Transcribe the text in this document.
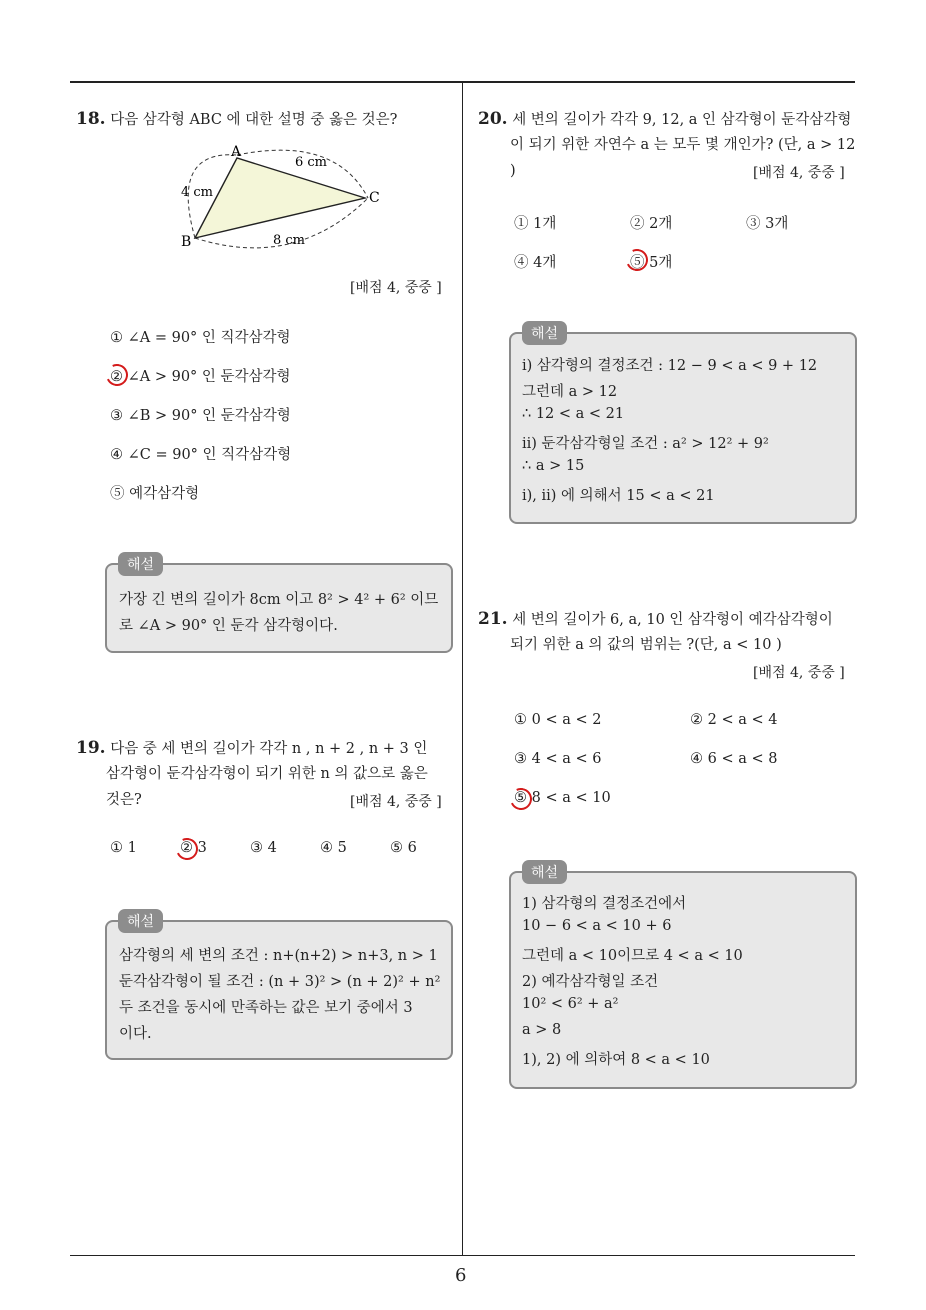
6
18. 다음 삼각형 ABC 에 대한 설명 중 옳은 것은?
A
B
C
4 cm
6 cm
8 cm
[배점 4, 중중 ]
① ∠A = 90° 인 직각삼각형
② ∠A > 90° 인 둔각삼각형
③ ∠B > 90° 인 둔각삼각형
④ ∠C = 90° 인 직각삼각형
⑤ 예각삼각형
해설
가장 긴 변의 길이가 8cm 이고 8² > 4² + 6² 이므
로 ∠A > 90° 인 둔각 삼각형이다.
19. 다음 중 세 변의 길이가 각각 n , n + 2 , n + 3 인
삼각형이 둔각삼각형이 되기 위한 n 의 값으로 옳은
것은?	[배점 4, 중중 ]
① 1	② 3	③ 4	④ 5	⑤ 6
해설
삼각형의 세 변의 조건 : n+(n+2) > n+3, n > 1
둔각삼각형이 될 조건 : (n + 3)² > (n + 2)² + n²
두 조건을 동시에 만족하는 값은 보기 중에서 3
이다.
20. 세 변의 길이가 각각 9, 12, a 인 삼각형이 둔각삼각형
이 되기 위한 자연수 a 는 모두 몇 개인가? (단, a > 12
)	[배점 4, 중중 ]
① 1개	② 2개	③ 3개
④ 4개	⑤ 5개
해설
ⅰ) 삼각형의 결정조건 : 12 − 9 < a < 9 + 12
그런데 a > 12
∴ 12 < a < 21
ⅱ) 둔각삼각형일 조건 : a² > 12² + 9²
∴ a > 15
ⅰ), ⅱ) 에 의해서 15 < a < 21
21. 세 변의 길이가 6, a, 10 인 삼각형이 예각삼각형이
되기 위한 a 의 값의 범위는 ?(단, a < 10 )
[배점 4, 중중 ]
① 0 < a < 2	② 2 < a < 4
③ 4 < a < 6	④ 6 < a < 8
⑤ 8 < a < 10
해설
1) 삼각형의 결정조건에서
10 − 6 < a < 10 + 6
그런데 a < 10이므로 4 < a < 10
2) 예각삼각형일 조건
10² < 6² + a²
a > 8
1), 2) 에 의하여 8 < a < 10
